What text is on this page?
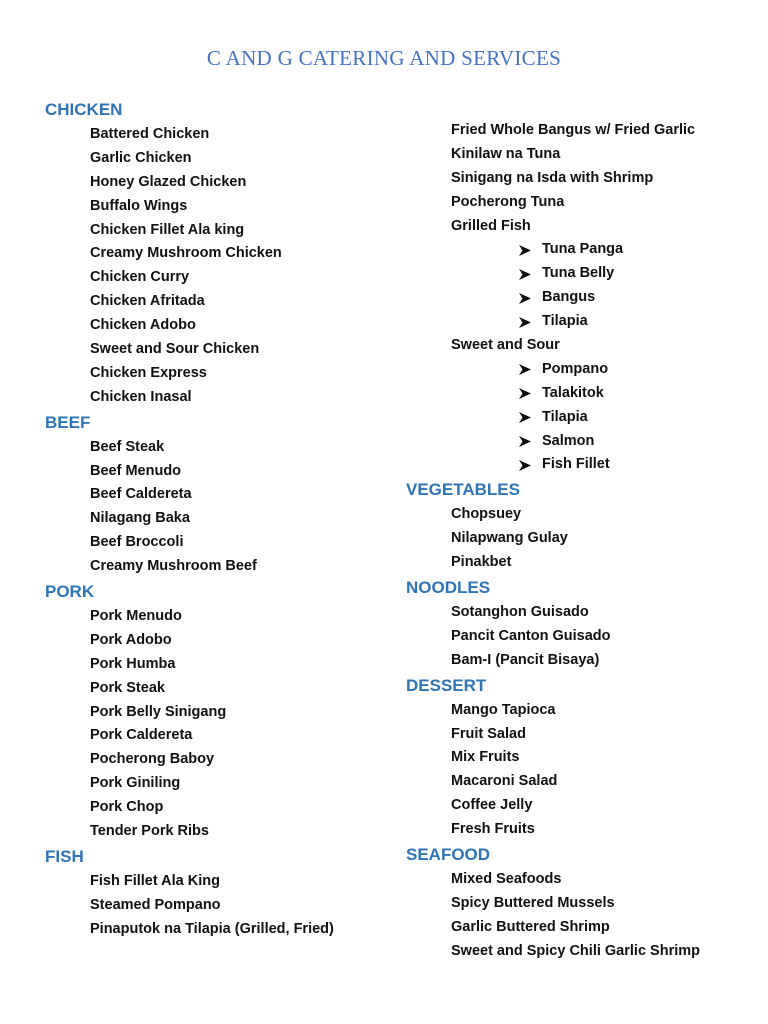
C AND G CATERING AND SERVICES
CHICKEN
Battered Chicken
Garlic Chicken
Honey Glazed Chicken
Buffalo Wings
Chicken Fillet Ala king
Creamy Mushroom Chicken
Chicken Curry
Chicken Afritada
Chicken Adobo
Sweet and Sour Chicken
Chicken Express
Chicken Inasal
BEEF
Beef Steak
Beef Menudo
Beef Caldereta
Nilagang Baka
Beef Broccoli
Creamy Mushroom Beef
PORK
Pork Menudo
Pork Adobo
Pork Humba
Pork Steak
Pork Belly Sinigang
Pork Caldereta
Pocherong Baboy
Pork Giniling
Pork Chop
Tender Pork Ribs
FISH
Fish Fillet Ala King
Steamed Pompano
Pinaputok na Tilapia (Grilled, Fried)
Fried Whole Bangus w/ Fried Garlic
Kinilaw na Tuna
Sinigang na Isda with Shrimp
Pocherong Tuna
Grilled Fish
Tuna Panga
Tuna Belly
Bangus
Tilapia
Sweet and Sour
Pompano
Talakitok
Tilapia
Salmon
Fish Fillet
VEGETABLES
Chopsuey
Nilapwang Gulay
Pinakbet
NOODLES
Sotanghon Guisado
Pancit Canton Guisado
Bam-I (Pancit Bisaya)
DESSERT
Mango Tapioca
Fruit Salad
Mix Fruits
Macaroni Salad
Coffee Jelly
Fresh Fruits
SEAFOOD
Mixed Seafoods
Spicy Buttered Mussels
Garlic Buttered Shrimp
Sweet and Spicy Chili Garlic Shrimp
